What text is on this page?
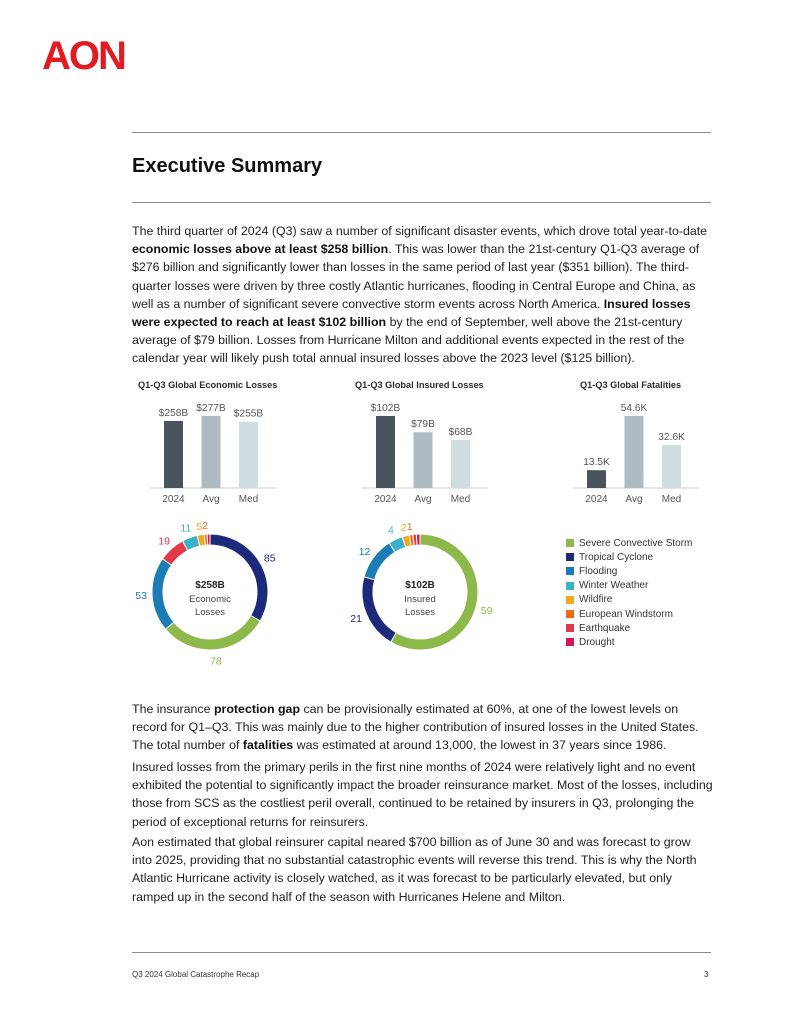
AON
Executive Summary
The third quarter of 2024 (Q3) saw a number of significant disaster events, which drove total year-to-date economic losses above at least $258 billion. This was lower than the 21st-century Q1-Q3 average of $276 billion and significantly lower than losses in the same period of last year ($351 billion). The third-quarter losses were driven by three costly Atlantic hurricanes, flooding in Central Europe and China, as well as a number of significant severe convective storm events across North America. Insured losses were expected to reach at least $102 billion by the end of September, well above the 21st-century average of $79 billion. Losses from Hurricane Milton and additional events expected in the rest of the calendar year will likely push total annual insured losses above the 2023 level ($125 billion).
Q1-Q3 Global Economic Losses	Q1-Q3 Global Insured Losses	Q1-Q3 Global Fatalities
$258B
2024
$277B
Avg
$255B
Med
$102B
2024
$79B
Avg
$68B
Med
13.5K
2024
54.6K
Avg
32.6K
Med
85
78
53
19
11 5 2
$258B
Economic
Losses	59
21
12
4 2 1
$102B
Insured
Losses
Severe Convective Storm
Tropical Cyclone
Flooding
Winter Weather
Wildfire
European Windstorm
Earthquake
Drought
The insurance protection gap can be provisionally estimated at 60%, at one of the lowest levels on record for Q1–Q3. This was mainly due to the higher contribution of insured losses in the United States. The total number of fatalities was estimated at around 13,000, the lowest in 37 years since 1986.
Insured losses from the primary perils in the first nine months of 2024 were relatively light and no event exhibited the potential to significantly impact the broader reinsurance market. Most of the losses, including those from SCS as the costliest peril overall, continued to be retained by insurers in Q3, prolonging the period of exceptional returns for reinsurers.
Aon estimated that global reinsurer capital neared $700 billion as of June 30 and was forecast to grow into 2025, providing that no substantial catastrophic events will reverse this trend. This is why the North Atlantic Hurricane activity is closely watched, as it was forecast to be particularly elevated, but only ramped up in the second half of the season with Hurricanes Helene and Milton.
Q3 2024 Global Catastrophe Recap	3
